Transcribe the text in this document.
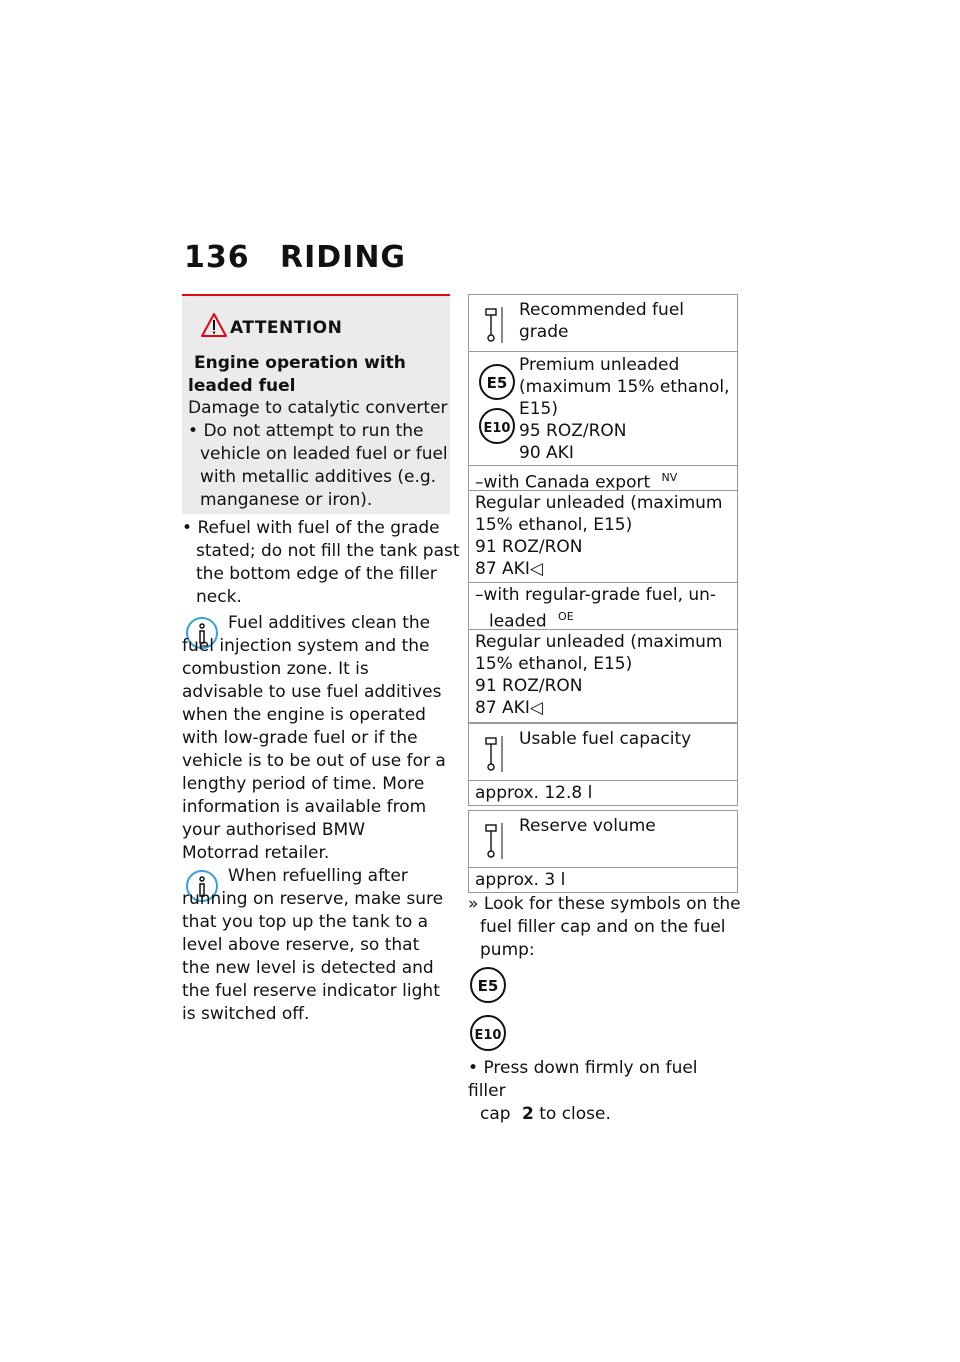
136 RIDING
ATTENTION
Engine operation with
leaded fuel
Damage to catalytic converter
• Do not attempt to run the vehicle on leaded fuel or fuel with metallic additives (e.g. manganese or iron).
• Refuel with fuel of the grade stated; do not fill the tank past the bottom edge of the filler neck.
Fuel additives clean the fuel injection system and the combustion zone. It is advisable to use fuel additives when the engine is operated with low-grade fuel or if the vehicle is to be out of use for a lengthy period of time. More information is available from your authorised BMW Motorrad retailer.
When refuelling after running on reserve, make sure that you top up the tank to a level above reserve, so that the new level is detected and the fuel reserve indicator light is switched off.
Recommended fuel grade
E5
E10
Premium unleaded
(maximum 15% ethanol,
E15)
95 ROZ/RON
90 AKI
–with Canada export $^{NV}$
Regular unleaded (maximum
15% ethanol, E15)
91 ROZ/RON
87 AKI◁
–with regular-grade fuel, un-
leaded $^{OE}$
Regular unleaded (maximum
15% ethanol, E15)
91 ROZ/RON
87 AKI◁
Usable fuel capacity
approx. 12.8 l
Reserve volume
approx. 3 l
» Look for these symbols on the fuel filler cap and on the fuel pump:
E5
E10
• Press down firmly on fuel filler
cap 2 to close.
